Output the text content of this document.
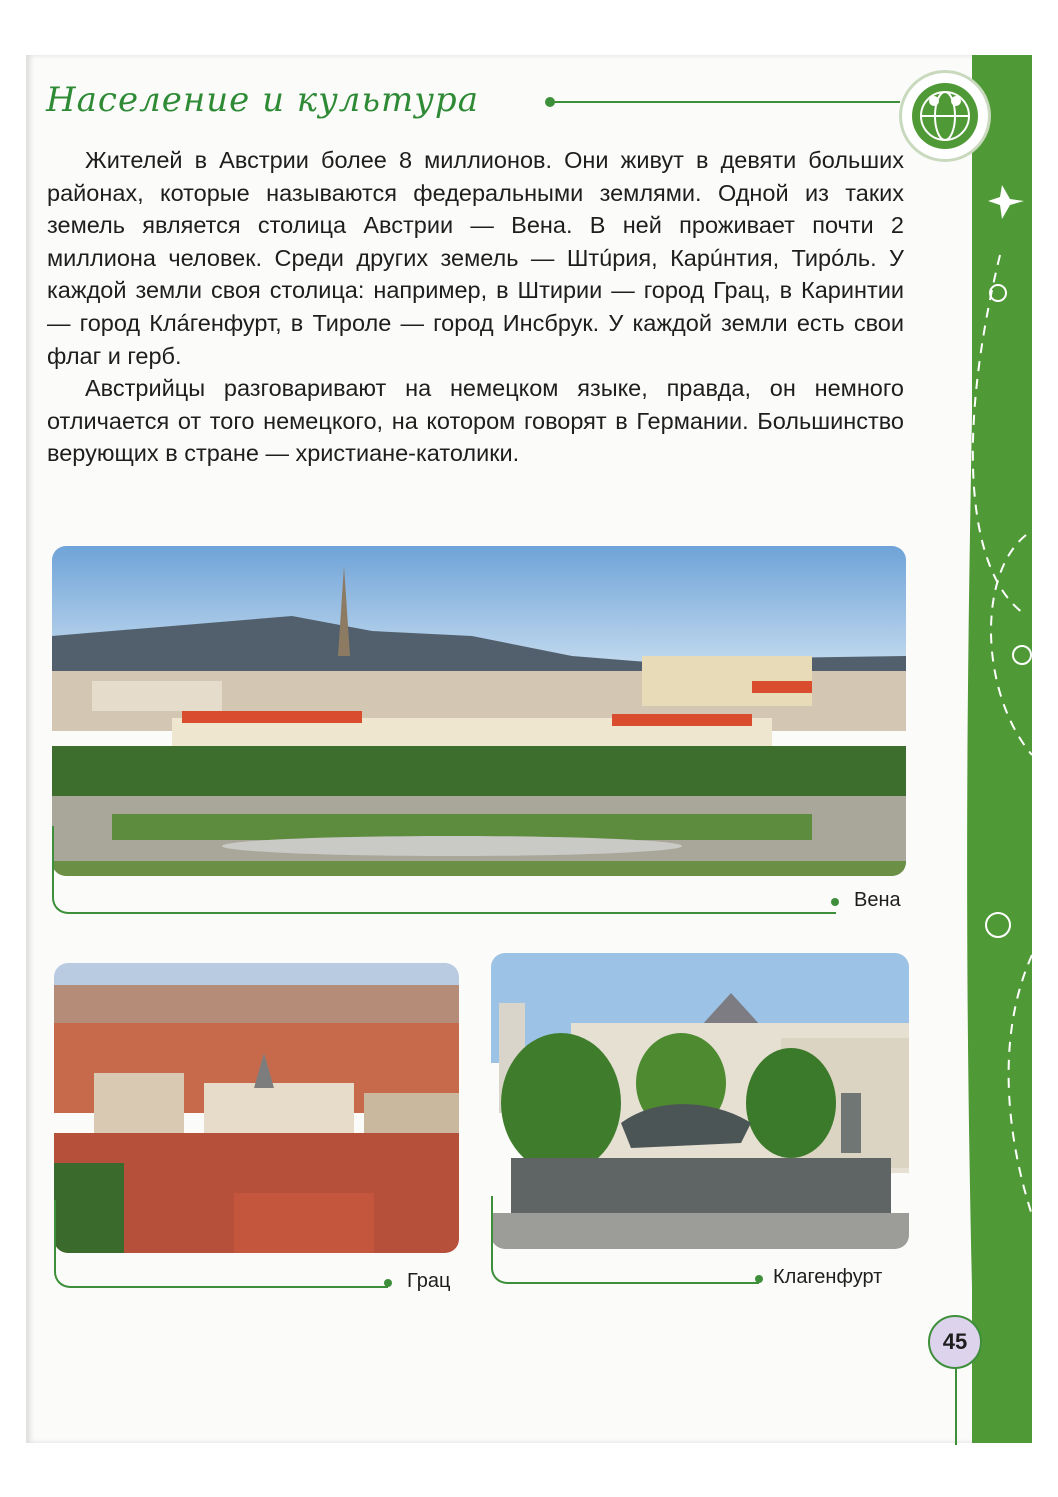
Население и культура

Жителей в Австрии более 8 миллионов. Они живут в девяти больших районах, которые называются федеральными землями. Одной из таких земель является столица Австрии — Вена. В ней проживает почти 2 миллиона человек. Среди других земель — Штúрия, Карúнтия, Тирóль. У каждой земли своя столица: например, в Штирии — город Грац, в Каринтии — город Клáгенфурт, в Тироле — город Инсбрук. У каждой земли есть свои флаг и герб.

Австрийцы разговаривают на немецком языке, правда, он немного отличается от того немецкого, на котором говорят в Германии. Большинство верующих в стране — христиане-католики.

Вена
Грац	Клагенфурт
45
